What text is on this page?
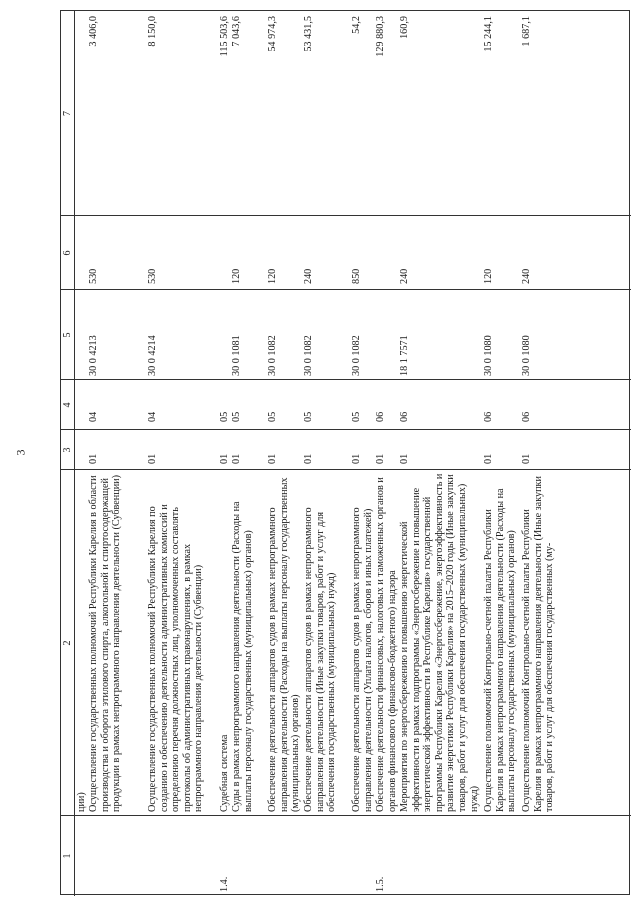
3
1
2
3
4
5
6
7
ции) Осуществление государственных полномочий Республики Карелия в области производства и оборота этилового спирта, алкогольной и спиртосодержащей продукции в рамках непрограммного направления деятельности (Субвенции)
01
04
30 0 4213
530
3 406,0
Осуществление государственных полномочий Республики Карелия по созданию и обеспечению деятельности административных комиссий и определению перечня должностных лиц, уполномоченных составлять протоколы об административных правонарушениях, в рамках непрограммного направления деятельности (Субвенции)
01
04
30 0 4214
530
8 150,0
1.4.
Судебная система
01
05
115 503,6
Суды в рамках непрограммного направления деятельности (Расходы на выплаты персоналу государственных (муниципальных) органов)
01
05
30 0 1081
120
7 043,6
Обеспечение деятельности аппаратов судов в рамках непрограммного направления деятельности (Расходы на выплаты персоналу государственных (муниципальных) органов)
01
05
30 0 1082
120
54 974,3
Обеспечение деятельности аппаратов судов в рамках непрограммного направления деятельности (Иные закупки товаров, работ и услуг для обеспечения государственных (муниципальных) нужд)
01
05
30 0 1082
240
53 431,5
Обеспечение деятельности аппаратов судов в рамках непрограммного направления деятельности (Уплата налогов, сборов и иных платежей)
01
05
30 0 1082
850
54,2
1.5.
Обеспечение деятельности финансовых, налоговых и таможенных органов и органов финансового (финансово-бюджетного) надзора
01
06
129 880,3
Мероприятия по энергосбережению и повышению энергетической эффективности в рамках подпрограммы «Энергосбережение и повышение энергетической эффективности в Республике Карелия» государственной программы Республики Карелия «Энергосбережение, энергоэффективность и развитие энергетики Республики Карелия» на 2015–2020 годы (Иные закупки товаров, работ и услуг для обеспечения государственных (муниципальных) нужд)
01
06
18 1 7571
240
160,9
Осуществление полномочий Контрольно-счетной палаты Республики Карелия в рамках непрограммного направления деятельности (Расходы на выплаты персоналу государственных (муниципальных) органов)
01
06
30 0 1080
120
15 244,1
Осуществление полномочий Контрольно-счетной палаты Республики Карелия в рамках непрограммного направления деятельности (Иные закупки товаров, работ и услуг для обеспечения государственных (му-
01
06
30 0 1080
240
1 687,1
